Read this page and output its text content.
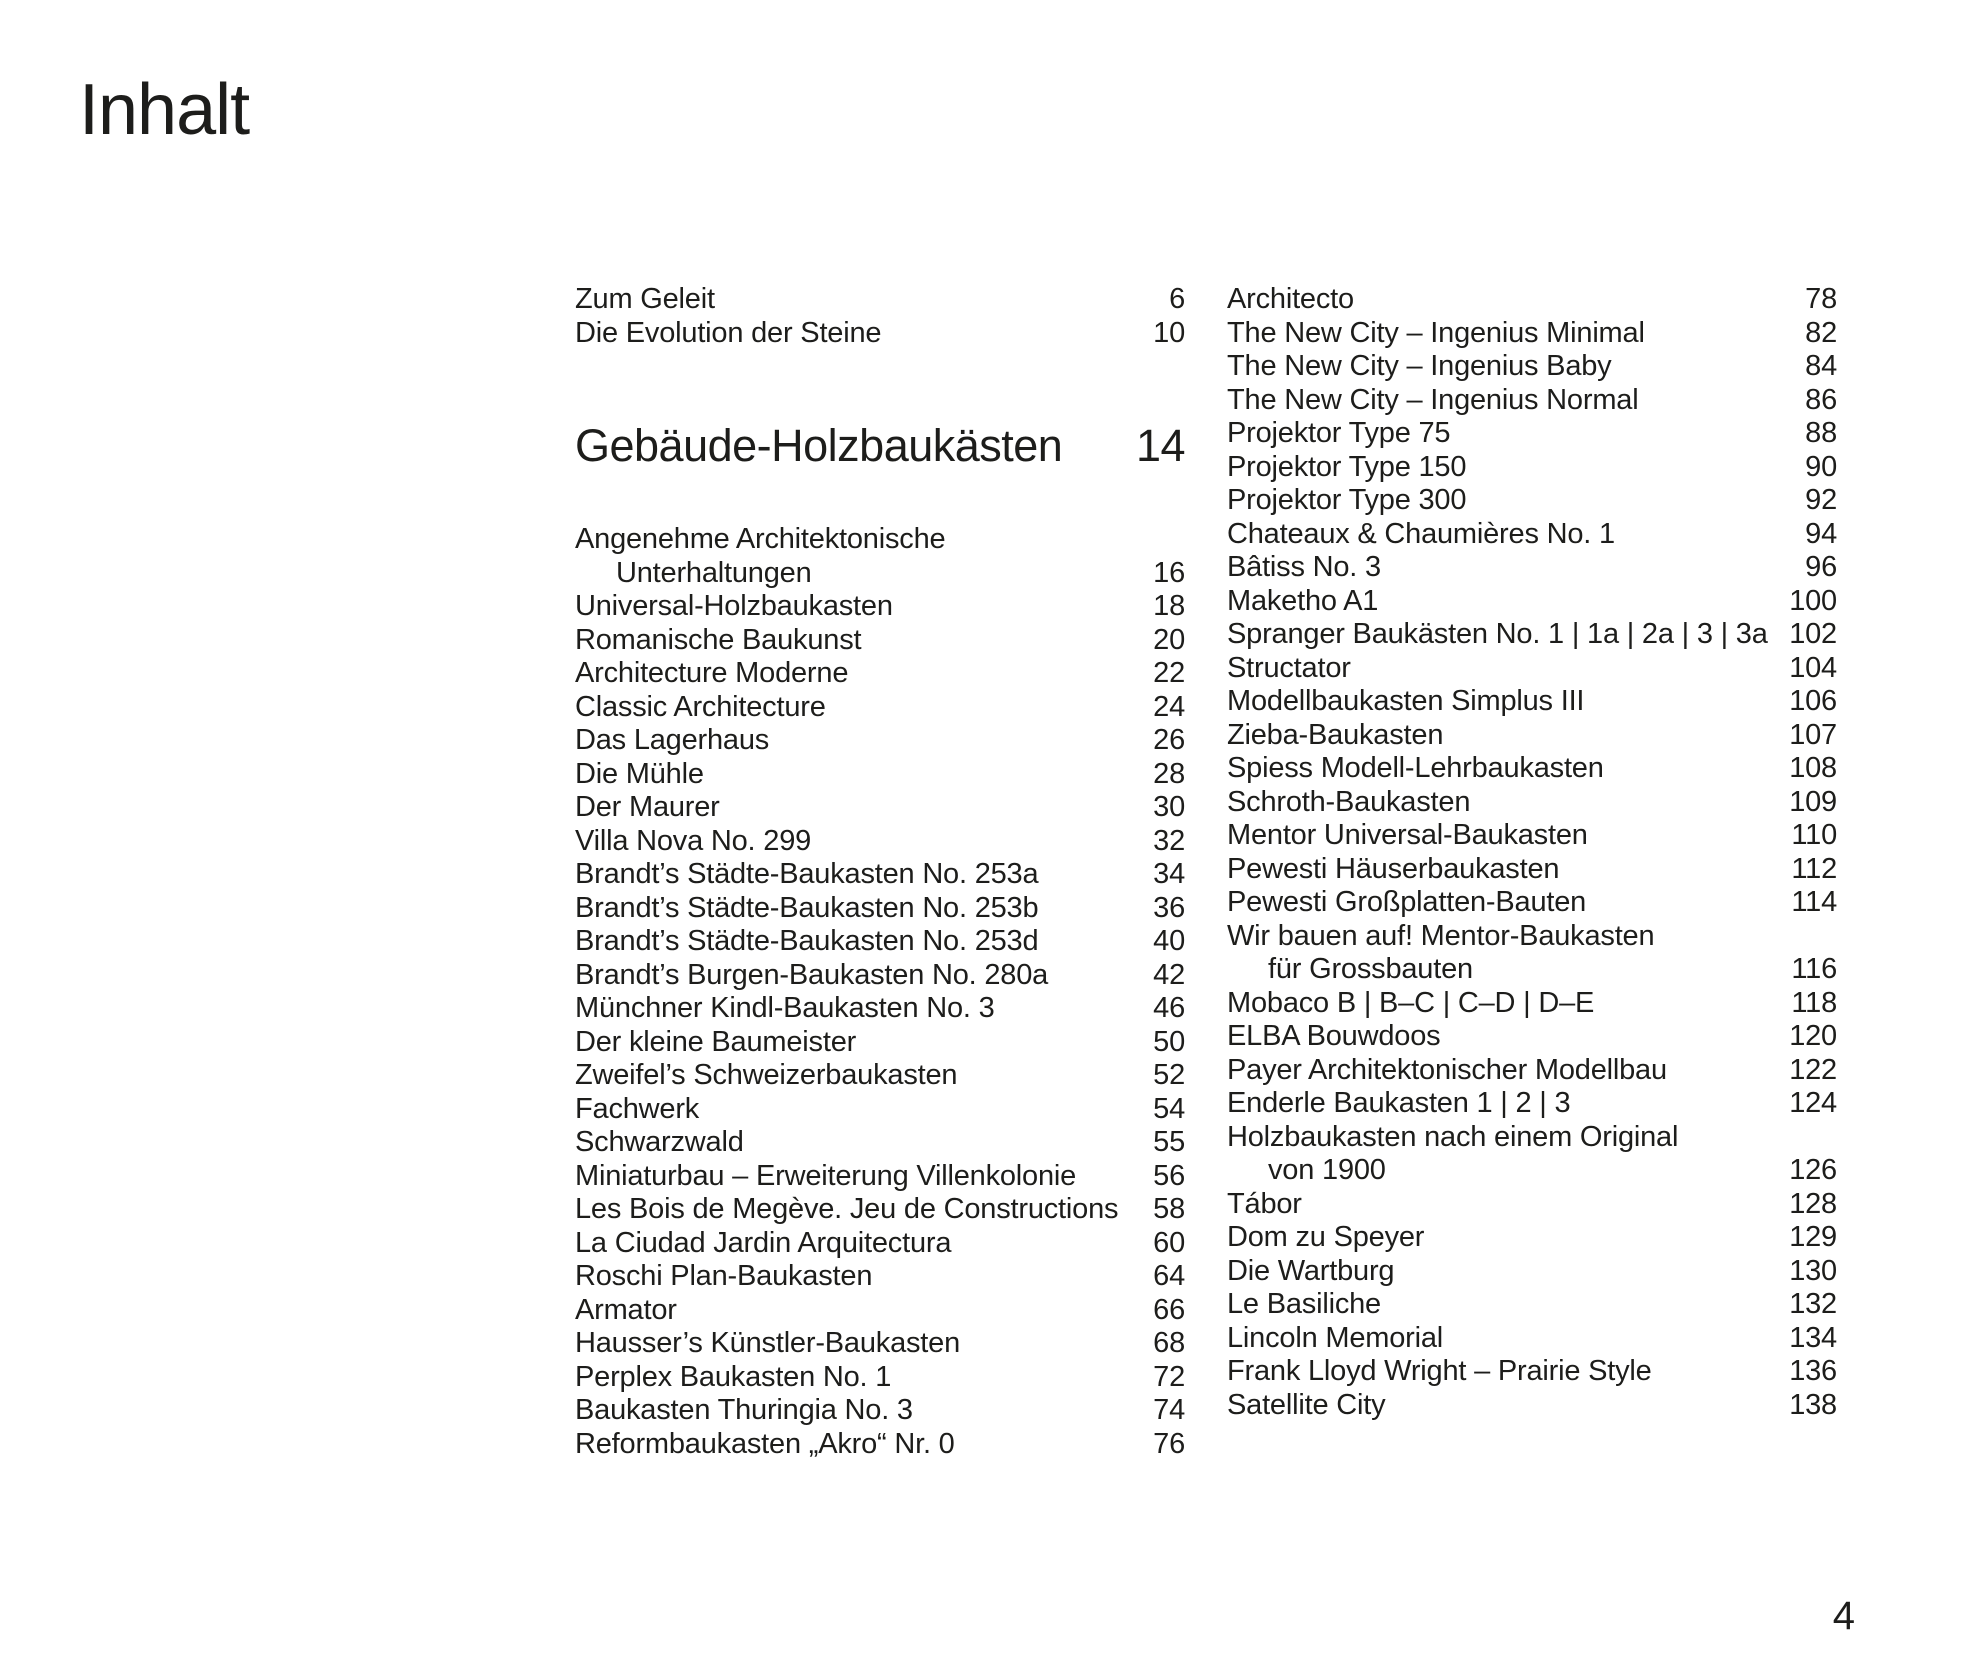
Inhalt
Zum Geleit	6
Die Evolution der Steine	10
Gebäude-Holzbaukästen	14
Angenehme Architektonische
Unterhaltungen	16
Universal-Holzbaukasten	18
Romanische Baukunst	20
Architecture Moderne	22
Classic Architecture	24
Das Lagerhaus	26
Die Mühle	28
Der Maurer	30
Villa Nova No. 299	32
Brandt’s Städte-Baukasten No. 253a	34
Brandt’s Städte-Baukasten No. 253b	36
Brandt’s Städte-Baukasten No. 253d	40
Brandt’s Burgen-Baukasten No. 280a	42
Münchner Kindl-Baukasten No. 3	46
Der kleine Baumeister	50
Zweifel’s Schweizerbaukasten	52
Fachwerk	54
Schwarzwald	55
Miniaturbau – Erweiterung Villenkolonie	56
Les Bois de Megève. Jeu de Constructions	58
La Ciudad Jardin Arquitectura	60
Roschi Plan-Baukasten	64
Armator	66
Hausser’s Künstler-Baukasten	68
Perplex Baukasten No. 1	72
Baukasten Thuringia No. 3	74
Reformbaukasten „Akro“ Nr. 0	76
Architecto	78
The New City – Ingenius Minimal	82
The New City – Ingenius Baby	84
The New City – Ingenius Normal	86
Projektor Type 75	88
Projektor Type 150	90
Projektor Type 300	92
Chateaux & Chaumières No. 1	94
Bâtiss No. 3	96
Maketho A1	100
Spranger Baukästen No. 1 | 1a | 2a | 3 | 3a 102
Structator	104
Modellbaukasten Simplus III	106
Zieba-Baukasten	107
Spiess Modell-Lehrbaukasten	108
Schroth-Baukasten	109
Mentor Universal-Baukasten	110
Pewesti Häuserbaukasten	112
Pewesti Großplatten-Bauten	114
Wir bauen auf! Mentor-Baukasten
für Grossbauten	116
Mobaco B | B–C | C–D | D–E	118
ELBA Bouwdoos	120
Payer Architektonischer Modellbau	122
Enderle Baukasten 1 | 2 | 3	124
Holzbaukasten nach einem Original
von 1900	126
Tábor	128
Dom zu Speyer	129
Die Wartburg	130
Le Basiliche	132
Lincoln Memorial	134
Frank Lloyd Wright – Prairie Style	136
Satellite City	138
4
